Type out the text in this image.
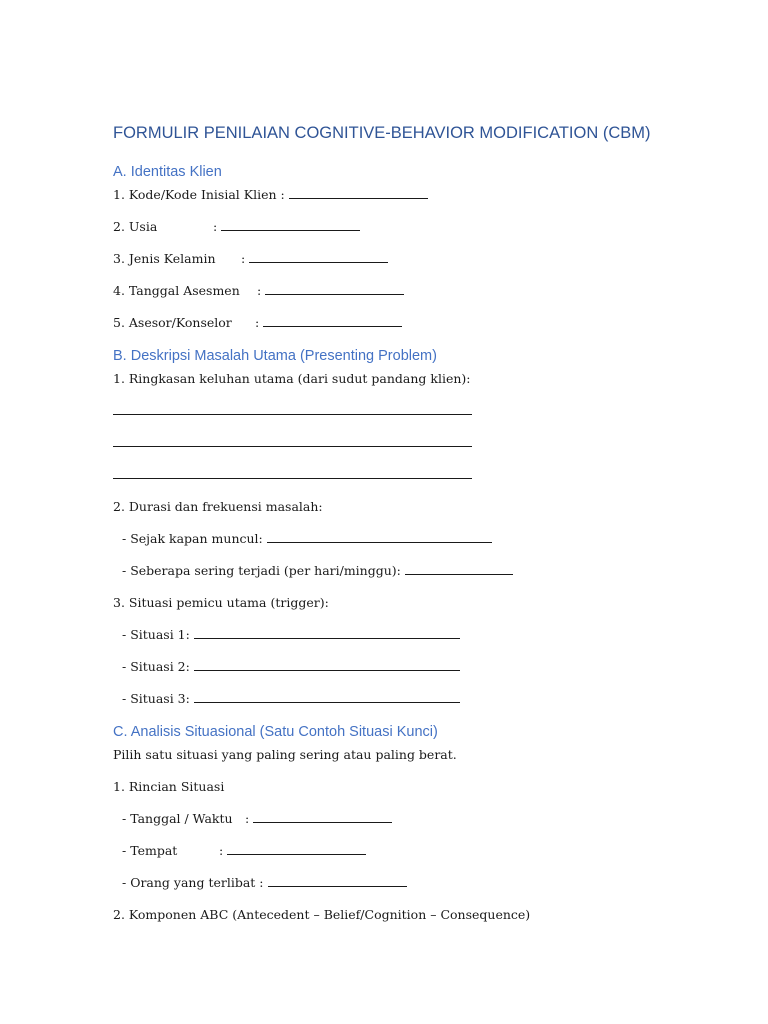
FORMULIR PENILAIAN COGNITIVE-BEHAVIOR MODIFICATION (CBM)
A. Identitas Klien
1. Kode/Kode Inisial Klien :
2. Usia	:
3. Jenis Kelamin :
4. Tanggal Asesmen :
5. Asesor/Konselor :
B. Deskripsi Masalah Utama (Presenting Problem)
1. Ringkasan keluhan utama (dari sudut pandang klien):
2. Durasi dan frekuensi masalah:
- Sejak kapan muncul:
- Seberapa sering terjadi (per hari/minggu):
3. Situasi pemicu utama (trigger):
- Situasi 1:
- Situasi 2:
- Situasi 3:
C. Analisis Situasional (Satu Contoh Situasi Kunci)
Pilih satu situasi yang paling sering atau paling berat.
1. Rincian Situasi
- Tanggal / Waktu :
- Tempat	:
- Orang yang terlibat :
2. Komponen ABC (Antecedent – Belief/Cognition – Consequence)
